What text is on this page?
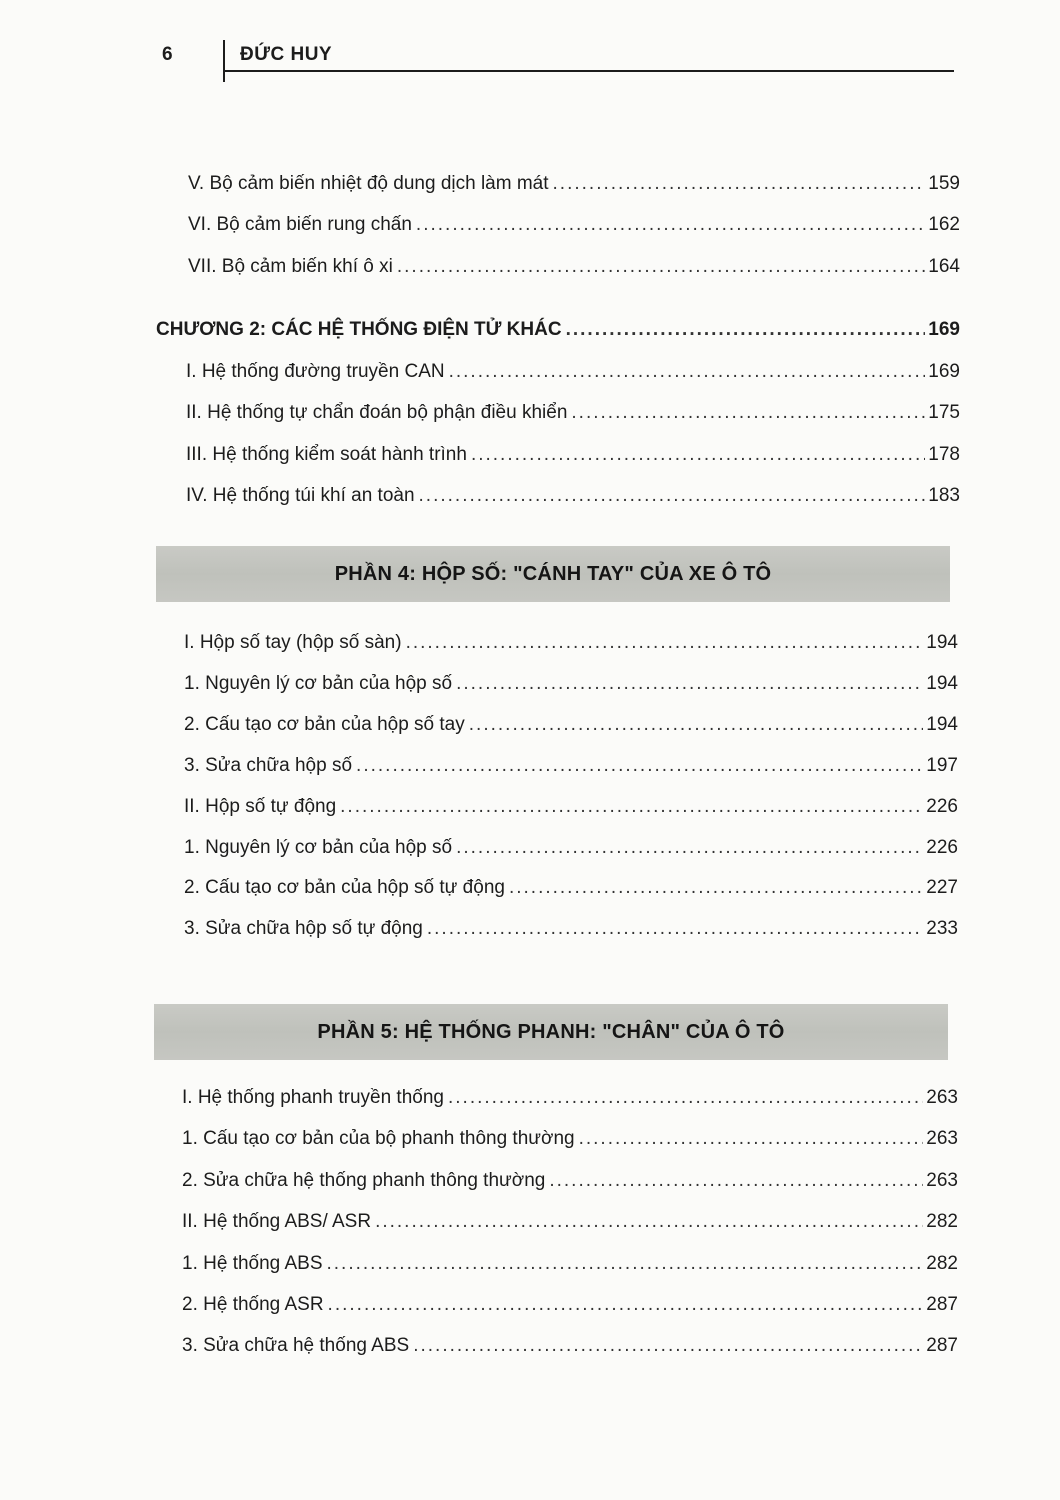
6	ĐỨC HUY
V. Bộ cảm biến nhiệt độ dung dịch làm mát .....	159
VI. Bộ cảm biến rung chấn .....	162
VII. Bộ cảm biến khí ô xi .....	164
CHƯƠNG 2: CÁC HỆ THỐNG ĐIỆN TỬ KHÁC .....	169
I. Hệ thống đường truyền CAN .....	169
II. Hệ thống tự chẩn đoán bộ phận điều khiển .....	175
III. Hệ thống kiểm soát hành trình .....	178
IV. Hệ thống túi khí an toàn .....	183
PHẦN 4: HỘP SỐ: "CÁNH TAY" CỦA XE Ô TÔ
I. Hộp số tay (hộp số sàn) .....	194
1. Nguyên lý cơ bản của hộp số .....	194
2. Cấu tạo cơ bản của hộp số tay .....	194
3. Sửa chữa hộp số .....	197
II. Hộp số tự động .....	226
1. Nguyên lý cơ bản của hộp số .....	226
2. Cấu tạo cơ bản của hộp số tự động .....	227
3. Sửa chữa hộp số tự động .....	233
PHẦN 5: HỆ THỐNG PHANH: "CHÂN" CỦA Ô TÔ
I. Hệ thống phanh truyền thống .....	263
1. Cấu tạo cơ bản của bộ phanh thông thường .....	263
2. Sửa chữa hệ thống phanh thông thường .....	263
II. Hệ thống ABS/ ASR .....	282
1. Hệ thống ABS .....	282
2. Hệ thống ASR .....	287
3. Sửa chữa hệ thống ABS .....	287
